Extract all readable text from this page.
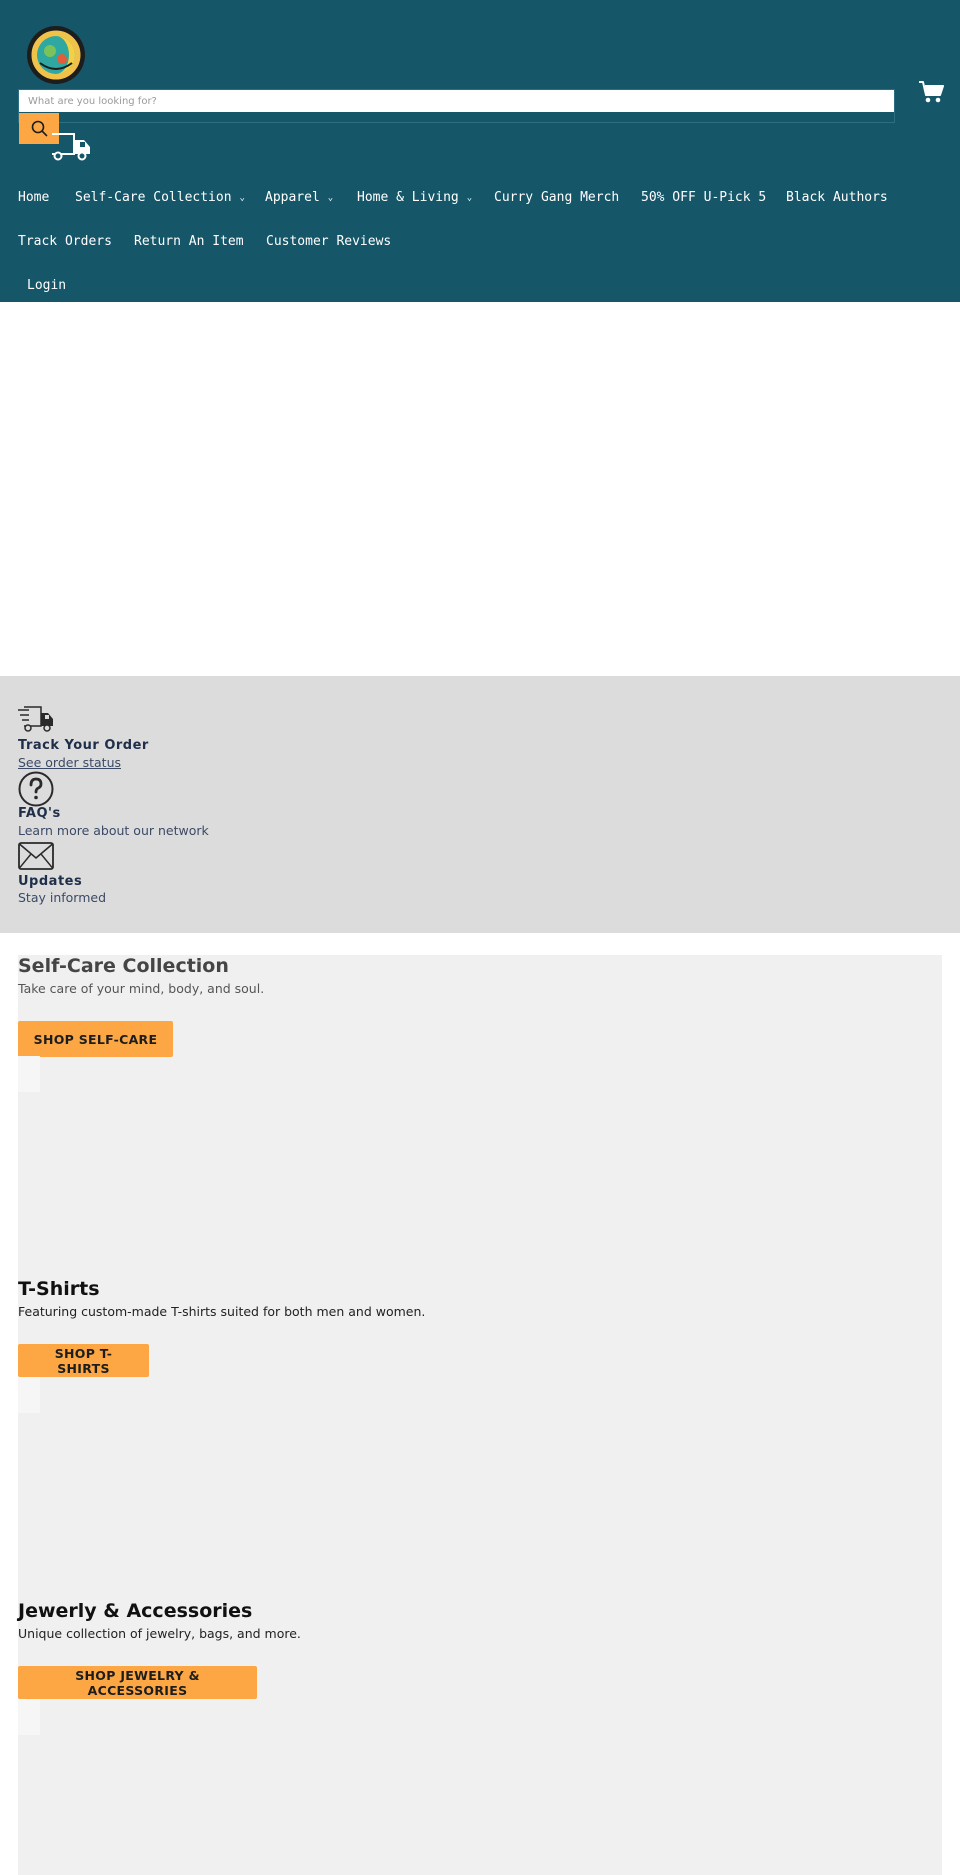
What are you looking for?
Home Self-Care Collection ⌄ Apparel ⌄ Home & Living ⌄ Curry Gang Merch 50% OFF U-Pick 5 Black Authors
Track Orders Return An Item Customer Reviews
Login
Track Your Order
See order status
FAQ's
Learn more about our network
Updates
Stay informed
Self-Care Collection

Take care of your mind, body, and soul.

SHOP SELF-CARE
T-Shirts

Featuring custom-made T-shirts suited for both men and women.

SHOP T-SHIRTS
Jewerly & Accessories

Unique collection of jewelry, bags, and more.

SHOP JEWELRY & ACCESSORIES
